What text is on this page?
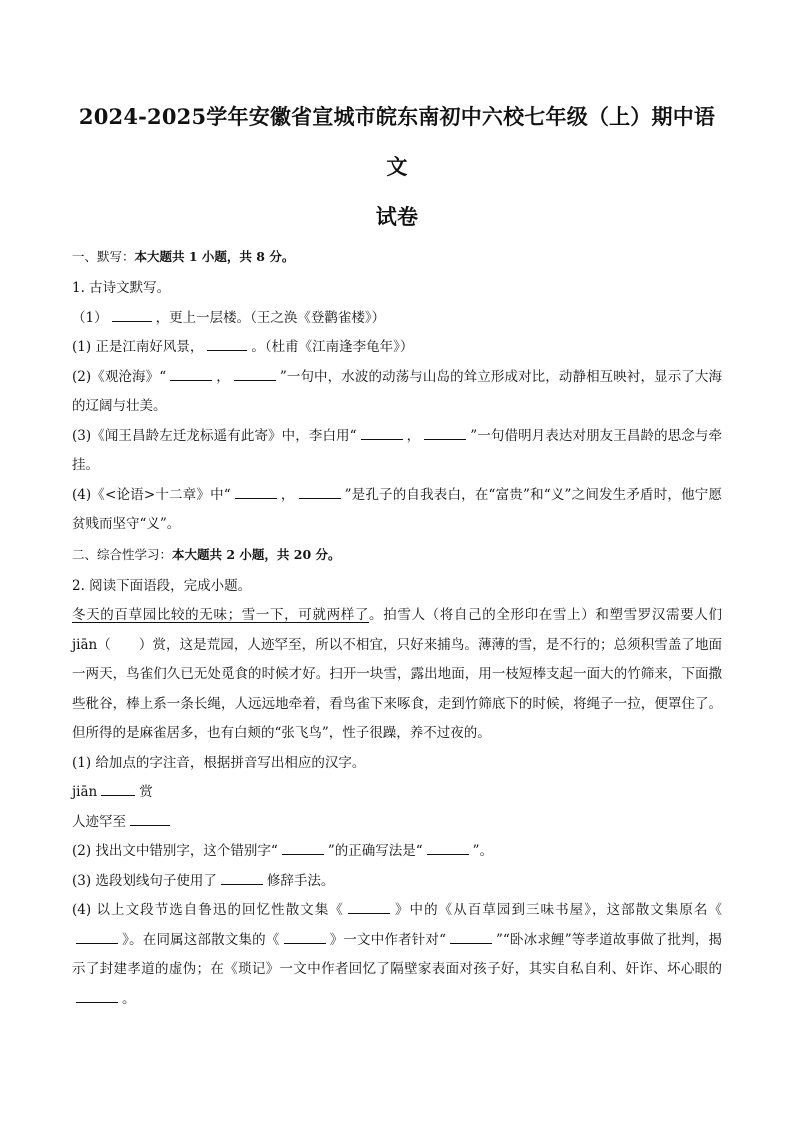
2024-2025学年安徽省宣城市皖东南初中六校七年级（上）期中语文
试卷
一、默写：本大题共 1 小题，共 8 分。

1. 古诗文默写。

（1）	，更上一层楼。（王之涣《登鹳雀楼》）

(1) 正是江南好风景，	。（杜甫《江南逢李龟年》）

(2)《观沧海》“	，	”一句中，水波的动荡与山岛的耸立形成对比，动静相互映衬，显示了大海的辽阔与壮美。

(3)《闻王昌龄左迁龙标遥有此寄》中，李白用“	，	”一句借明月表达对朋友王昌龄的思念与牵挂。

(4)《<论语>十二章》中“	，	”是孔子的自我表白，在“富贵”和“义”之间发生矛盾时，他宁愿贫贱而坚守“义”。

二、综合性学习：本大题共 2 小题，共 20 分。

2. 阅读下面语段，完成小题。

冬天的百草园比较的无味；雪一下，可就两样了。拍雪人（将自己的全形印在雪上）和塑雪罗汉需要人们 jiān（ ）赏，这是荒园，人迹罕至，所以不相宜，只好来捕鸟。薄薄的雪，是不行的；总须积雪盖了地面一两天，鸟雀们久已无处觅食的时候才好。扫开一块雪，露出地面，用一枝短棒支起一面大的竹筛来，下面撒些秕谷，棒上系一条长绳，人远远地牵着，看鸟雀下来啄食，走到竹筛底下的时候，将绳子一拉，便罩住了。但所得的是麻雀居多，也有白颊的“张飞鸟”，性子很躁，养不过夜的。

(1) 给加点的字注音，根据拼音写出相应的汉字。

jiān	赏

人迹罕至

(2) 找出文中错别字，这个错别字“	”的正确写法是“	”。

(3) 选段划线句子使用了	修辞手法。

(4) 以上文段节选自鲁迅的回忆性散文集《	》中的《从百草园到三味书屋》，这部散文集原名《》。在同属这部散文集的《	》一文中作者针对“	”“卧冰求鲤”等孝道故事做了批判，揭示了封建孝道的虚伪；在《琐记》一文中作者回忆了隔壁家表面对孩子好，其实自私自利、奸诈、坏心眼的。
